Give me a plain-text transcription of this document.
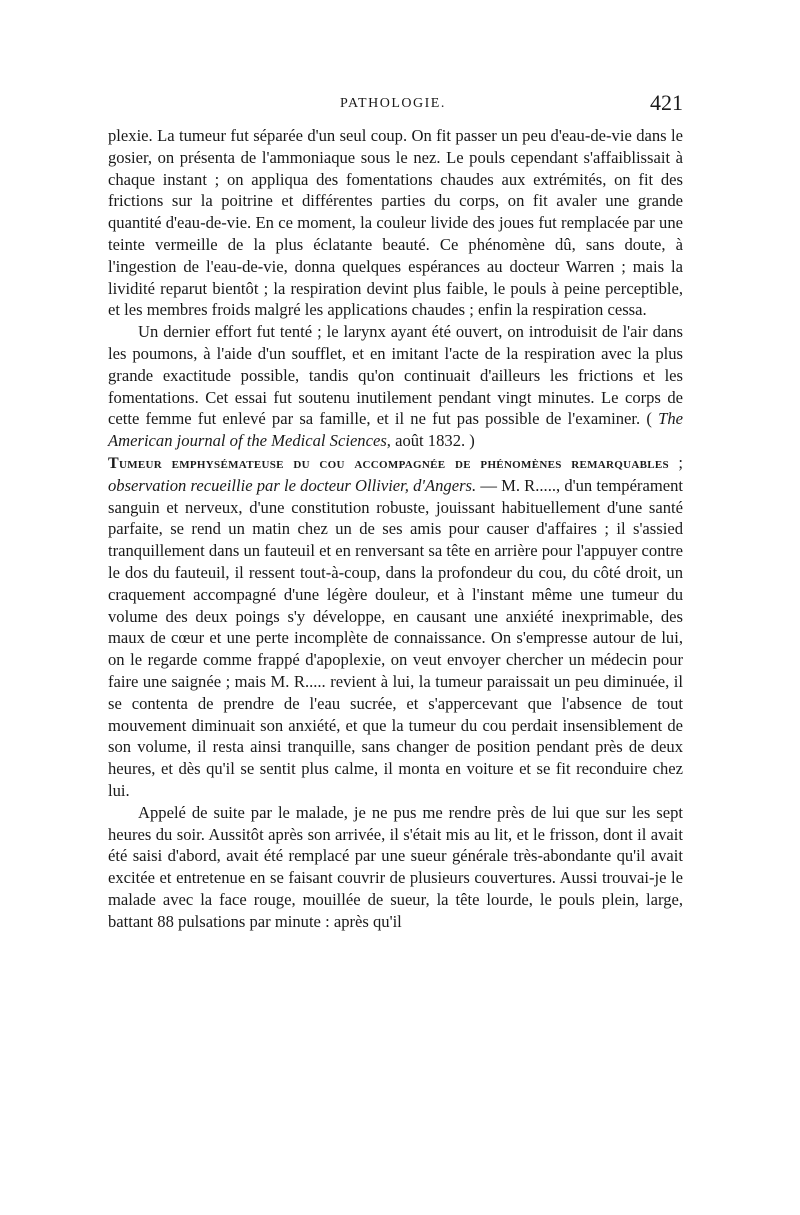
PATHOLOGIE.	421

plexie. La tumeur fut séparée d'un seul coup. On fit passer un peu d'eau-de-vie dans le gosier, on présenta de l'ammoniaque sous le nez. Le pouls cependant s'affaiblissait à chaque instant ; on appliqua des fomentations chaudes aux extrémités, on fit des frictions sur la poitrine et différentes parties du corps, on fit avaler une grande quantité d'eau-de-vie. En ce moment, la couleur livide des joues fut remplacée par une teinte vermeille de la plus éclatante beauté. Ce phénomène dû, sans doute, à l'ingestion de l'eau-de-vie, donna quelques espérances au docteur Warren ; mais la lividité reparut bientôt ; la respiration devint plus faible, le pouls à peine perceptible, et les membres froids malgré les applications chaudes ; enfin la respiration cessa.

Un dernier effort fut tenté ; le larynx ayant été ouvert, on introduisit de l'air dans les poumons, à l'aide d'un soufflet, et en imitant l'acte de la respiration avec la plus grande exactitude possible, tandis qu'on continuait d'ailleurs les frictions et les fomentations. Cet essai fut soutenu inutilement pendant vingt minutes. Le corps de cette femme fut enlevé par sa famille, et il ne fut pas possible de l'examiner. ( The American journal of the Medical Sciences, août 1832. )

Tumeur emphysémateuse du cou accompagnée de phénomènes remarquables ; observation recueillie par le docteur Ollivier, d'Angers. — M. R....., d'un tempérament sanguin et nerveux, d'une constitution robuste, jouissant habituellement d'une santé parfaite, se rend un matin chez un de ses amis pour causer d'affaires ; il s'assied tranquillement dans un fauteuil et en renversant sa tête en arrière pour l'appuyer contre le dos du fauteuil, il ressent tout-à-coup, dans la profondeur du cou, du côté droit, un craquement accompagné d'une légère douleur, et à l'instant même une tumeur du volume des deux poings s'y développe, en causant une anxiété inexprimable, des maux de cœur et une perte incomplète de connaissance. On s'empresse autour de lui, on le regarde comme frappé d'apoplexie, on veut envoyer chercher un médecin pour faire une saignée ; mais M. R..... revient à lui, la tumeur paraissait un peu diminuée, il se contenta de prendre de l'eau sucrée, et s'appercevant que l'absence de tout mouvement diminuait son anxiété, et que la tumeur du cou perdait insensiblement de son volume, il resta ainsi tranquille, sans changer de position pendant près de deux heures, et dès qu'il se sentit plus calme, il monta en voiture et se fit reconduire chez lui.

Appelé de suite par le malade, je ne pus me rendre près de lui que sur les sept heures du soir. Aussitôt après son arrivée, il s'était mis au lit, et le frisson, dont il avait été saisi d'abord, avait été remplacé par une sueur générale très-abondante qu'il avait excitée et entretenue en se faisant couvrir de plusieurs couvertures. Aussi trouvai-je le malade avec la face rouge, mouillée de sueur, la tête lourde, le pouls plein, large, battant 88 pulsations par minute : après qu'il
